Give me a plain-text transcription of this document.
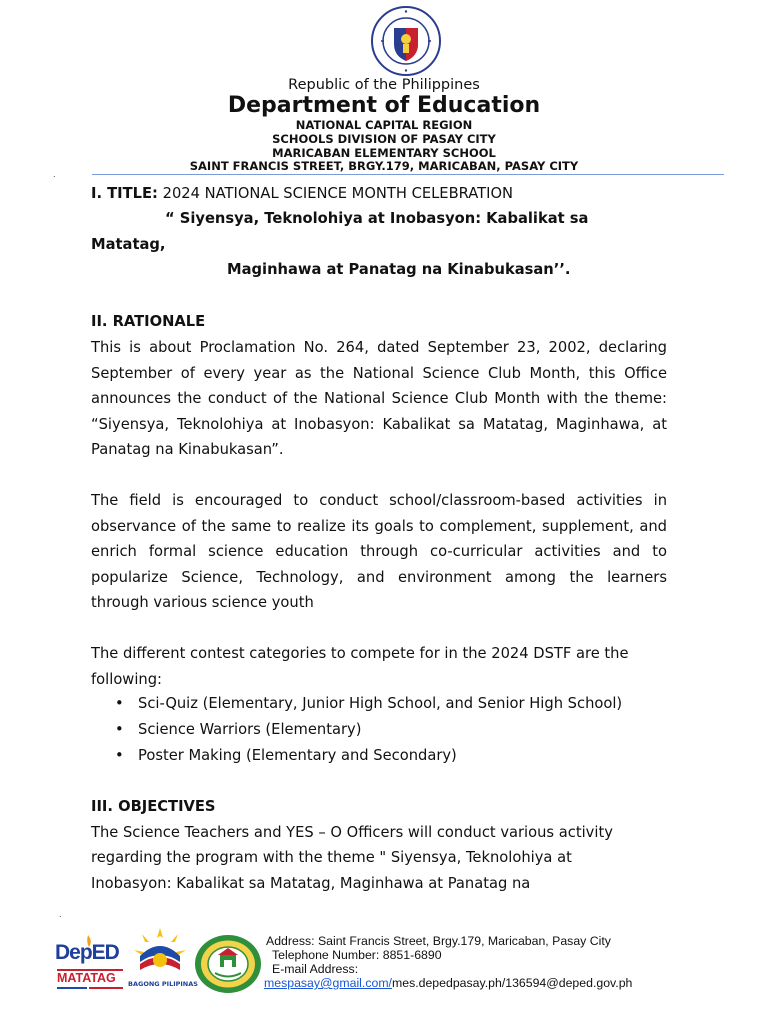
Republic of the Philippines
Department of Education
NATIONAL CAPITAL REGION
SCHOOLS DIVISION OF PASAY CITY
MARICABAN ELEMENTARY SCHOOL
SAINT FRANCIS STREET, BRGY.179, MARICABAN, PASAY CITY
.
I. TITLE: 2024 NATIONAL SCIENCE MONTH CELEBRATION
“ Siyensya, Teknolohiya at Inobasyon: Kabalikat sa
Matatag,
Maginhawa at Panatag na Kinabukasan’’.
II. RATIONALE
This is about Proclamation No. 264, dated September 23, 2002, declaring September of every year as the National Science Club Month, this Office announces the conduct of the National Science Club Month with the theme: “Siyensya, Teknolohiya at Inobasyon: Kabalikat sa Matatag, Maginhawa, at Panatag na Kinabukasan”.
The field is encouraged to conduct school/classroom-based activities in observance of the same to realize its goals to complement, supplement, and enrich formal science education through co-curricular activities and to popularize Science, Technology, and environment among the learners through various science youth
The different contest categories to compete for in the 2024 DSTF are the
following:
• Sci-Quiz (Elementary, Junior High School, and Senior High School)
• Science Warriors (Elementary)
• Poster Making (Elementary and Secondary)
III. OBJECTIVES
The Science Teachers and YES – O Officers will conduct various activity
regarding the program with the theme " Siyensya, Teknolohiya at
Inobasyon: Kabalikat sa Matatag, Maginhawa at Panatag na
.
DepED
MATATAG BAGONG PILIPINAS
Address: Saint Francis Street, Brgy.179, Maricaban, Pasay City
Telephone Number: 8851-6890
E-mail Address:
mespasay@gmail.com/mes.depedpasay.ph/136594@deped.gov.ph
